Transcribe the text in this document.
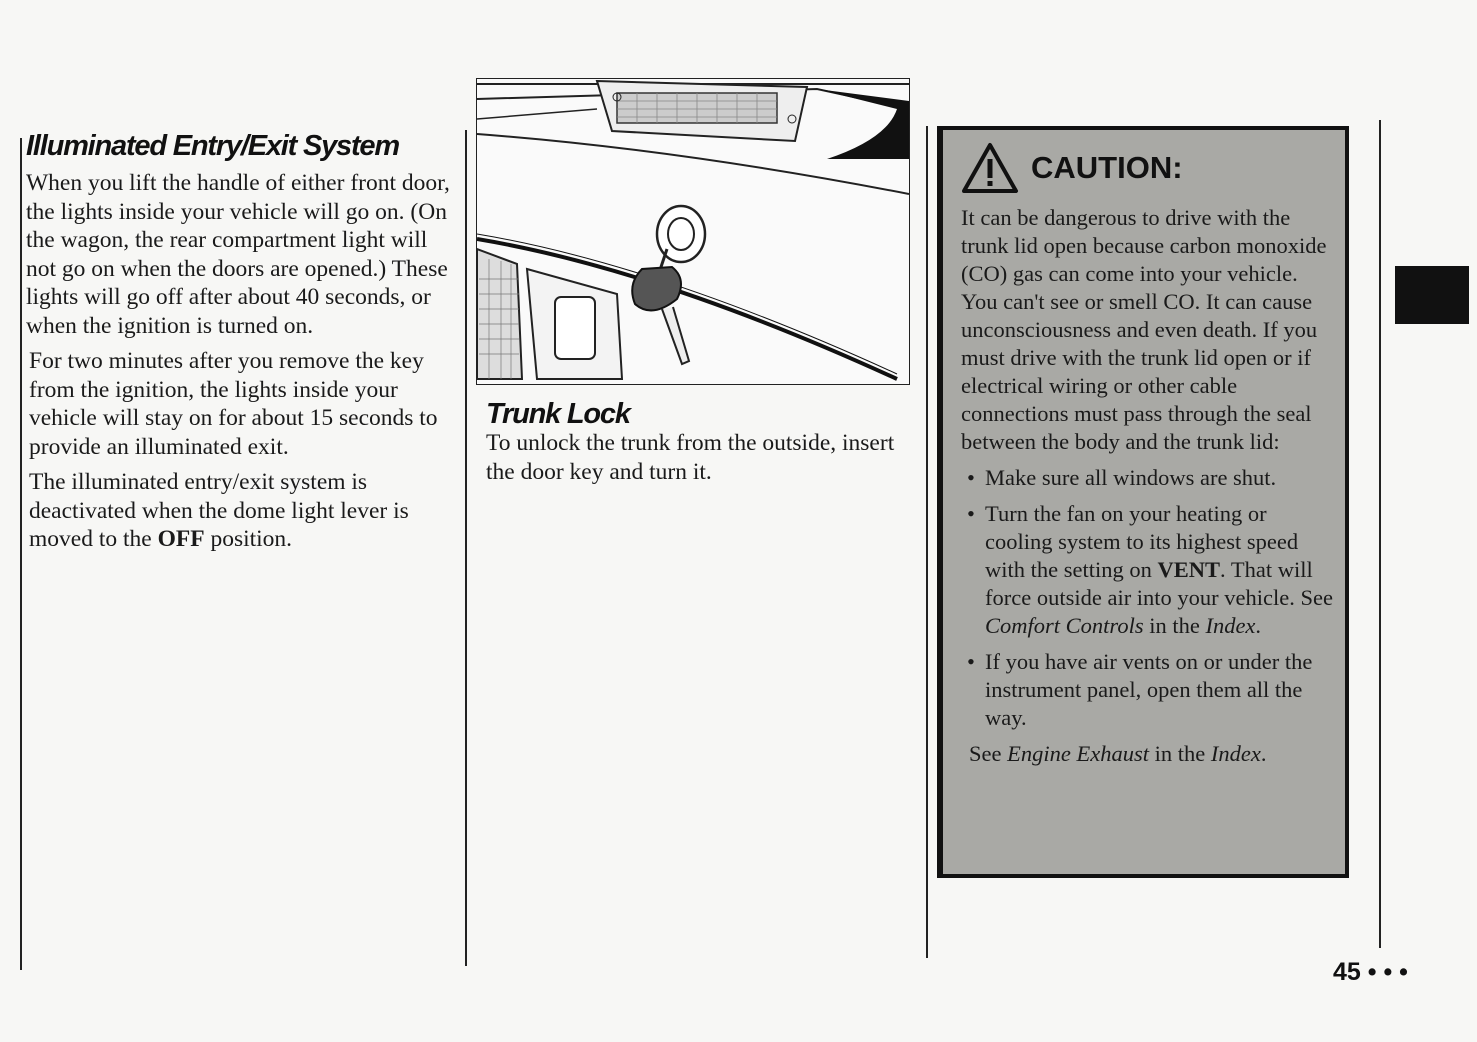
Illuminated Entry/Exit System

When you lift the handle of either front door, the lights inside your vehicle will go on. (On the wagon, the rear compartment light will not go on when the doors are opened.) These lights will go off after about 40 seconds, or when the ignition is turned on.

For two minutes after you remove the key from the ignition, the lights inside your vehicle will stay on for about 15 seconds to provide an illuminated exit.

The illuminated entry/exit system is deactivated when the dome light lever is moved to the OFF position.

Trunk Lock

To unlock the trunk from the outside, insert the door key and turn it.

CAUTION:

It can be dangerous to drive with the trunk lid open because carbon monoxide (CO) gas can come into your vehicle. You can't see or smell CO. It can cause unconsciousness and even death. If you must drive with the trunk lid open or if electrical wiring or other cable connections must pass through the seal between the body and the trunk lid:

• Make sure all windows are shut.
• Turn the fan on your heating or cooling system to its highest speed with the setting on VENT. That will force outside air into your vehicle. See Comfort Controls in the Index.
• If you have air vents on or under the instrument panel, open them all the way.

See Engine Exhaust in the Index.

45 • • •
